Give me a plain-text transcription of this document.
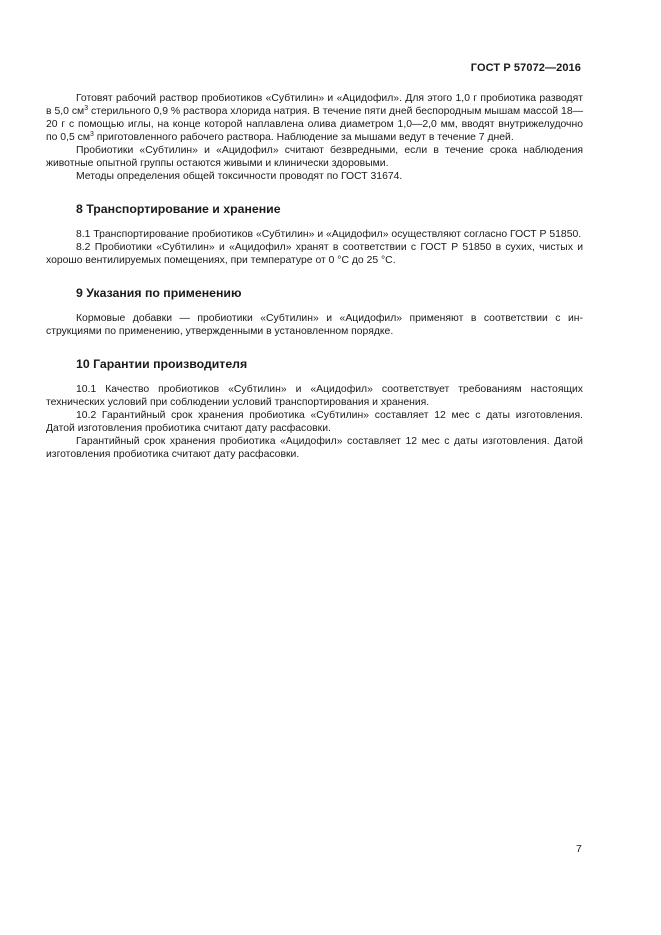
ГОСТ Р 57072—2016

Готовят рабочий раствор пробиотиков «Субтилин» и «Ацидофил». Для этого 1,0 г пробиотика разводят в 5,0 $см^3$ стерильного 0,9 % раствора хлорида натрия. В течение пяти дней беспородным мышам массой 18—20 г с помощью иглы, на конце которой наплавлена олива диаметром 1,0—2,0 мм, вводят внутрижелудочно по 0,5 $см^3$ приготовленного рабочего раствора. Наблюдение за мышами ведут в течение 7 дней.

Пробиотики «Субтилин» и «Ацидофил» считают безвредными, если в течение срока наблюдения животные опытной группы остаются живыми и клинически здоровыми.

Методы определения общей токсичности проводят по ГОСТ 31674.

8 Транспортирование и хранение

8.1 Транспортирование пробиотиков «Субтилин» и «Ацидофил» осуществляют согласно ГОСТ Р 51850.

8.2 Пробиотики «Субтилин» и «Ацидофил» хранят в соответствии с ГОСТ Р 51850 в сухих, чистых и хорошо вентилируемых помещениях, при температуре от 0 °С до 25 °С.

9 Указания по применению

Кормовые добавки — пробиотики «Субтилин» и «Ацидофил» применяют в соответствии с инструкциями по применению, утвержденными в установленном порядке.

10 Гарантии производителя

10.1 Качество пробиотиков «Субтилин» и «Ацидофил» соответствует требованиям настоящих технических условий при соблюдении условий транспортирования и хранения.

10.2 Гарантийный срок хранения пробиотика «Субтилин» составляет 12 мес с даты изготовления. Датой изготовления пробиотика считают дату расфасовки.

Гарантийный срок хранения пробиотика «Ацидофил» составляет 12 мес с даты изготовления. Датой изготовления пробиотика считают дату расфасовки.

7
